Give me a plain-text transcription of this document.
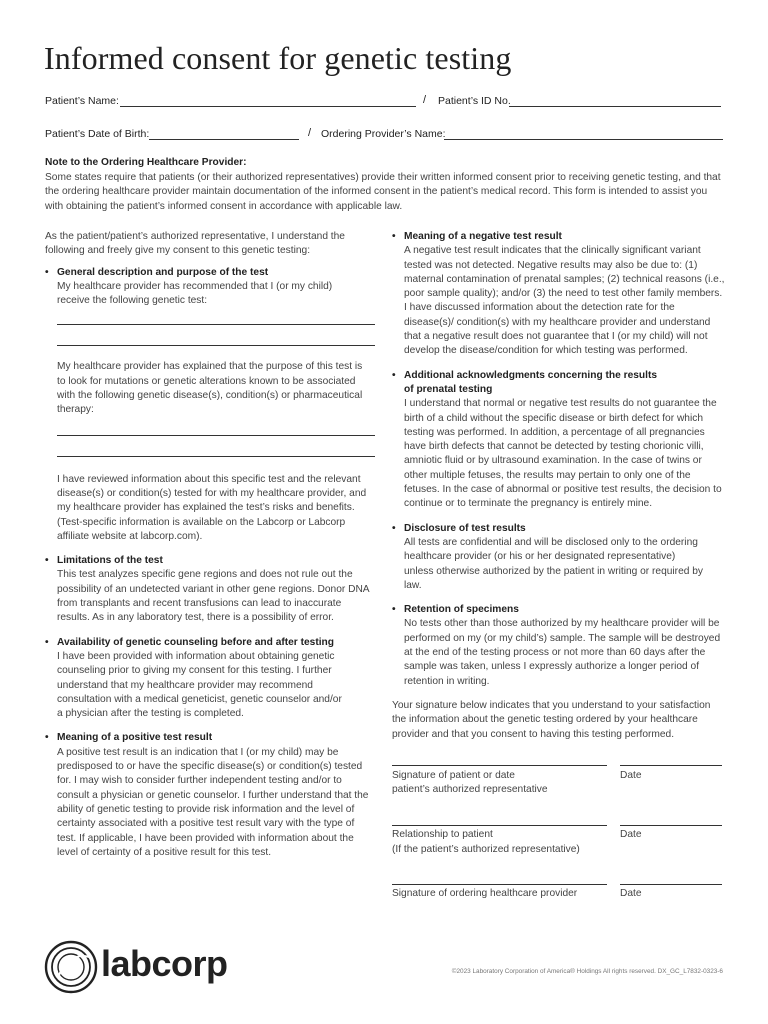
Informed consent for genetic testing
Patient’s Name:	/ Patient’s ID No.
Patient’s Date of Birth:	/ Ordering Provider’s Name:
Note to the Ordering Healthcare Provider:
Some states require that patients (or their authorized representatives) provide their written informed consent prior to receiving genetic testing, and that the ordering healthcare provider maintain documentation of the informed consent in the patient’s medical record. This form is intended to assist you with obtaining the patient’s informed consent in accordance with applicable law.

As the patient/patient’s authorized representative, I understand the following and freely give my consent to this genetic testing:

• General description and purpose of the test
My healthcare provider has recommended that I (or my child) receive the following genetic test:

My healthcare provider has explained that the purpose of this test is to look for mutations or genetic alterations known to be associated with the following genetic disease(s), condition(s) or pharmaceutical therapy:

I have reviewed information about this specific test and the relevant disease(s) or condition(s) tested for with my healthcare provider, and my healthcare provider has explained the test’s risks and benefits. (Test-specific information is available on the Labcorp or Labcorp affiliate website at labcorp.com).

• Limitations of the test
This test analyzes specific gene regions and does not rule out the possibility of an undetected variant in other gene regions. Donor DNA from transplants and recent transfusions can lead to inaccurate results. As in any laboratory test, there is a possibility of error.
• Availability of genetic counseling before and after testing
I have been provided with information about obtaining genetic counseling prior to giving my consent for this testing. I further understand that my healthcare provider may recommend consultation with a medical geneticist, genetic counselor and/or a physician after the testing is completed.
• Meaning of a positive test result
A positive test result is an indication that I (or my child) may be predisposed to or have the specific disease(s) or condition(s) tested for. I may wish to consider further independent testing and/or to consult a physician or genetic counselor. I further understand that the ability of genetic testing to provide risk information and the level of certainty associated with a positive test result vary with the type of test. If applicable, I have been provided with information about the level of certainty of a positive result for this test.
• Meaning of a negative test result
A negative test result indicates that the clinically significant variant tested was not detected. Negative results may also be due to: (1) maternal contamination of prenatal samples; (2) technical reasons (i.e., poor sample quality); and/or (3) the need to test other family members. I have discussed information about the detection rate for the disease(s)/ condition(s) with my healthcare provider and understand that a negative result does not guarantee that I (or my child) will not develop the disease/condition for which testing was performed.
• Additional acknowledgments concerning the results of prenatal testing
I understand that normal or negative test results do not guarantee the birth of a child without the specific disease or birth defect for which testing was performed. In addition, a percentage of all pregnancies have birth defects that cannot be detected by testing chorionic villi, amniotic fluid or by ultrasound examination. In the case of twins or other multiple fetuses, the results may pertain to only one of the fetuses. In the case of abnormal or positive test results, the decision to continue or to terminate the pregnancy is entirely mine.
• Disclosure of test results
All tests are confidential and will be disclosed only to the ordering healthcare provider (or his or her designated representative) unless otherwise authorized by the patient in writing or required by law.
• Retention of specimens
No tests other than those authorized by my healthcare provider will be performed on my (or my child’s) sample. The sample will be destroyed at the end of the testing process or not more than 60 days after the sample was taken, unless I expressly authorize a longer period of retention in writing.

Your signature below indicates that you understand to your satisfaction the information about the genetic testing ordered by your healthcare provider and that you consent to having this testing performed.

Signature of patient or date
patient’s authorized representative
Date
Relationship to patient
(If the patient’s authorized representative)
Date
Signature of ordering healthcare provider	Date
labcorp	©2023 Laboratory Corporation of America® Holdings All rights reserved. DX_GC_L7832-0323-6
